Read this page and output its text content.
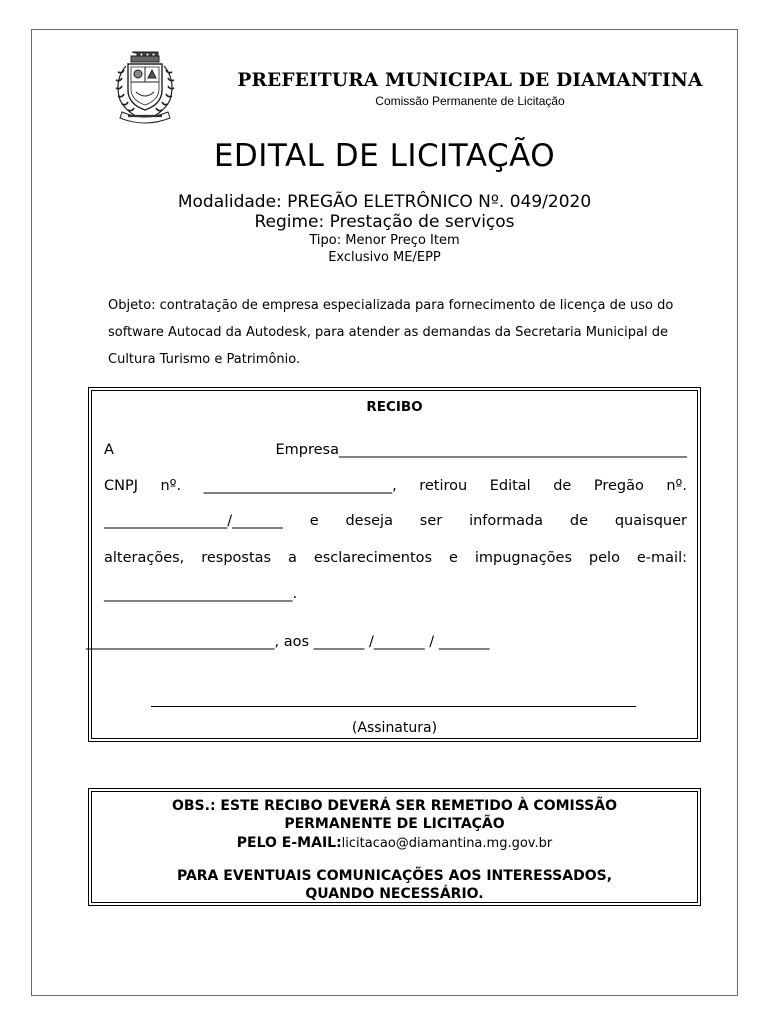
PREFEITURA MUNICIPAL DE DIAMANTINA
Comissão Permanente de Licitação
EDITAL DE LICITAÇÃO
Modalidade: PREGÃO ELETRÔNICO Nº. 049/2020
Regime: Prestação de serviços
Tipo: Menor Preço Item
Exclusivo ME/EPP
Objeto: contratação de empresa especializada para fornecimento de licença de uso do software Autocad da Autodesk, para atender as demandas da Secretaria Municipal de Cultura Turismo e Patrimônio.
RECIBO
A Empresa________________________________________________
CNPJ nº. __________________________, retirou Edital de Pregão nº.
_________________/_______ e deseja ser informada de quaisquer
alterações, respostas a esclarecimentos e impugnações pelo e-mail:
__________________________.
__________________________, aos _______ /_______ / _______
(Assinatura)
OBS.: ESTE RECIBO DEVERÁ SER REMETIDO À COMISSÃO
PERMANENTE DE LICITAÇÃO
PELO E-MAIL:licitacao@diamantina.mg.gov.br
PARA EVENTUAIS COMUNICAÇÕES AOS INTERESSADOS,
QUANDO NECESSÁRIO.
